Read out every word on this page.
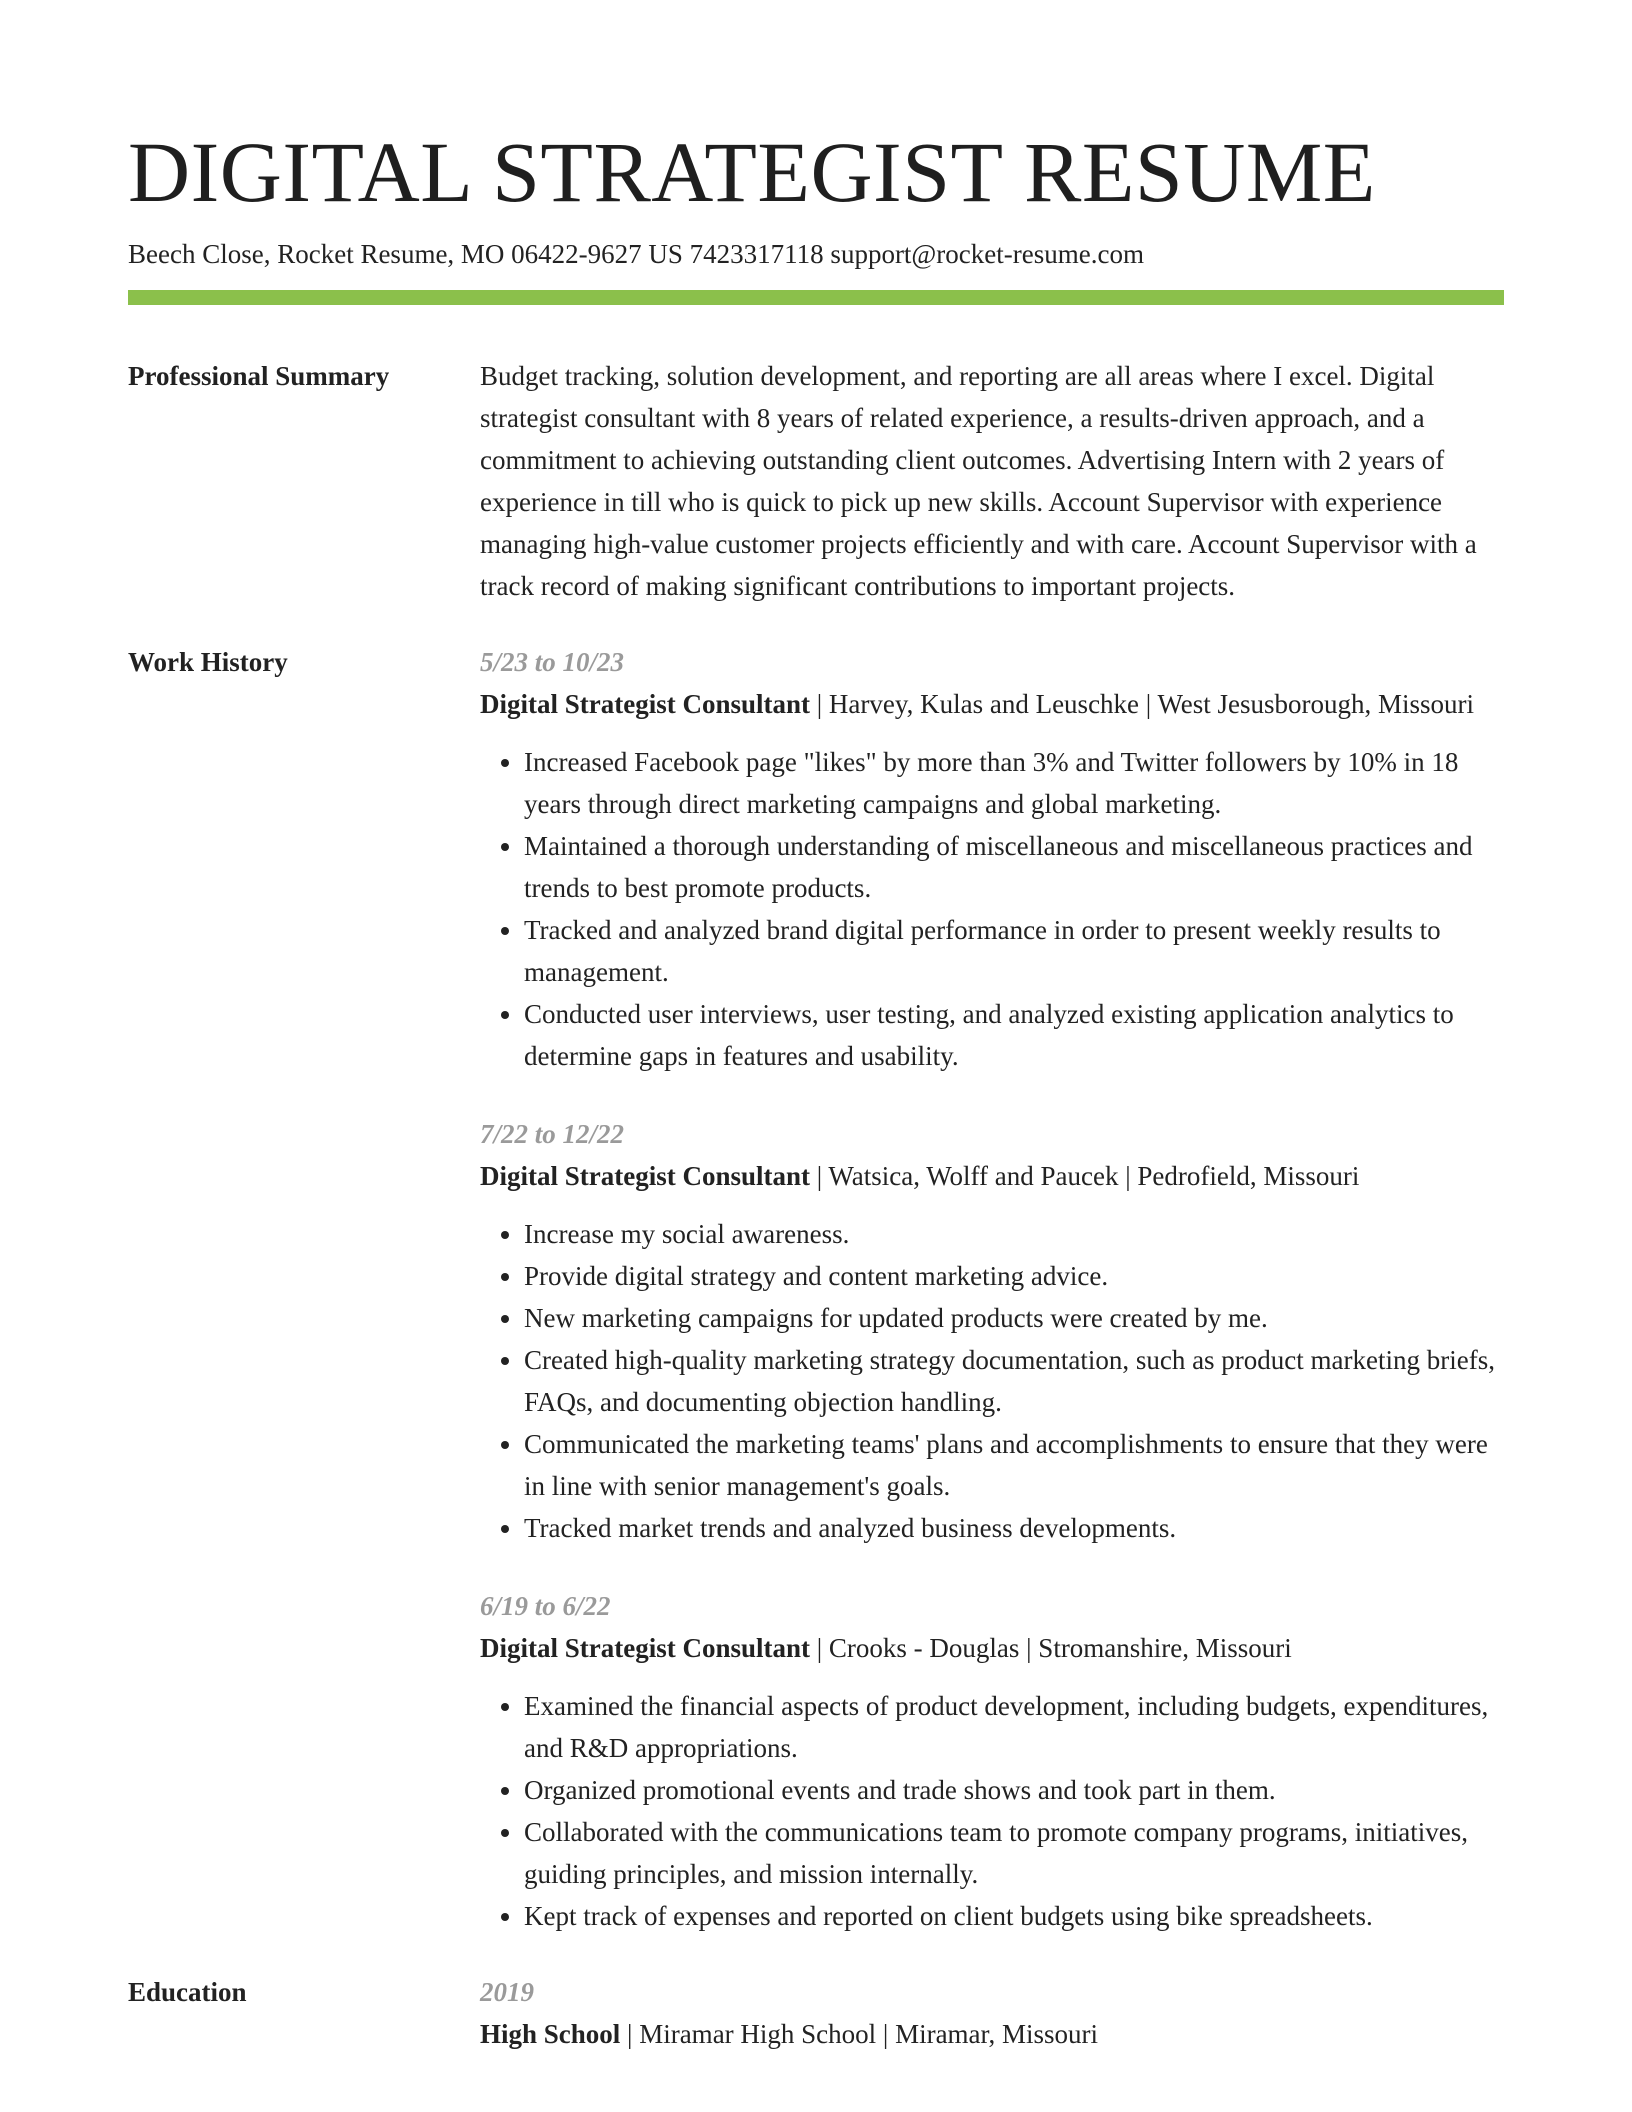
DIGITAL STRATEGIST RESUME
Beech Close, Rocket Resume, MO 06422-9627 US 7423317118 support@rocket-resume.com
Professional Summary	Budget tracking, solution development, and reporting are all areas where I excel. Digital strategist consultant with 8 years of related experience, a results-driven approach, and a commitment to achieving outstanding client outcomes. Advertising Intern with 2 years of experience in till who is quick to pick up new skills. Account Supervisor with experience managing high-value customer projects efficiently and with care. Account Supervisor with a track record of making significant contributions to important projects.

Work History	5/23 to 10/23
Digital Strategist Consultant | Harvey, Kulas and Leuschke | West Jesusborough, Missouri
• Increased Facebook page "likes" by more than 3% and Twitter followers by 10% in 18 years through direct marketing campaigns and global marketing.
• Maintained a thorough understanding of miscellaneous and miscellaneous practices and trends to best promote products.
• Tracked and analyzed brand digital performance in order to present weekly results to management.
• Conducted user interviews, user testing, and analyzed existing application analytics to determine gaps in features and usability.
7/22 to 12/22
Digital Strategist Consultant | Watsica, Wolff and Paucek | Pedrofield, Missouri
• Increase my social awareness.
• Provide digital strategy and content marketing advice.
• New marketing campaigns for updated products were created by me.
• Created high-quality marketing strategy documentation, such as product marketing briefs, FAQs, and documenting objection handling.
• Communicated the marketing teams' plans and accomplishments to ensure that they were in line with senior management's goals.
• Tracked market trends and analyzed business developments.
6/19 to 6/22
Digital Strategist Consultant | Crooks - Douglas | Stromanshire, Missouri
• Examined the financial aspects of product development, including budgets, expenditures, and R&D appropriations.
• Organized promotional events and trade shows and took part in them.
• Collaborated with the communications team to promote company programs, initiatives, guiding principles, and mission internally.
• Kept track of expenses and reported on client budgets using bike spreadsheets.
Education	2019
High School | Miramar High School | Miramar, Missouri
